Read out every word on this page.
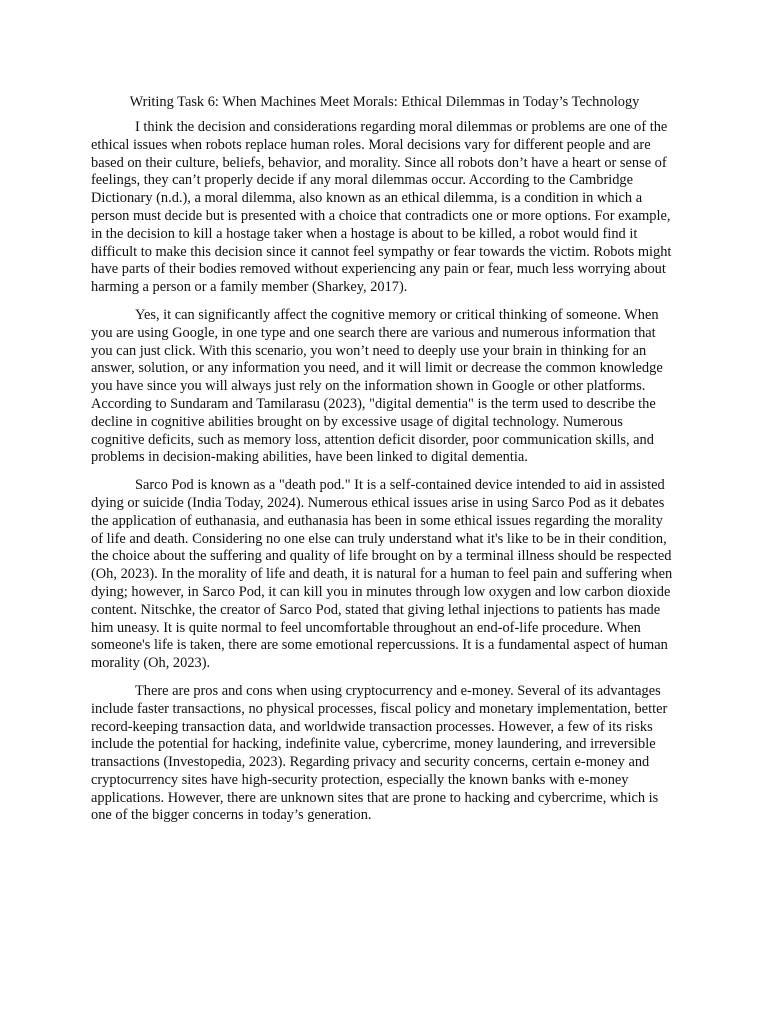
Writing Task 6: When Machines Meet Morals: Ethical Dilemmas in Today’s Technology

I think the decision and considerations regarding moral dilemmas or problems are one of the ethical issues when robots replace human roles. Moral decisions vary for different people and are based on their culture, beliefs, behavior, and morality. Since all robots don’t have a heart or sense of feelings, they can’t properly decide if any moral dilemmas occur. According to the Cambridge Dictionary (n.d.), a moral dilemma, also known as an ethical dilemma, is a condition in which a person must decide but is presented with a choice that contradicts one or more options. For example, in the decision to kill a hostage taker when a hostage is about to be killed, a robot would find it difficult to make this decision since it cannot feel sympathy or fear towards the victim. Robots might have parts of their bodies removed without experiencing any pain or fear, much less worrying about harming a person or a family member (Sharkey, 2017).

Yes, it can significantly affect the cognitive memory or critical thinking of someone. When you are using Google, in one type and one search there are various and numerous information that you can just click. With this scenario, you won’t need to deeply use your brain in thinking for an answer, solution, or any information you need, and it will limit or decrease the common knowledge you have since you will always just rely on the information shown in Google or other platforms. According to Sundaram and Tamilarasu (2023), "digital dementia" is the term used to describe the decline in cognitive abilities brought on by excessive usage of digital technology. Numerous cognitive deficits, such as memory loss, attention deficit disorder, poor communication skills, and problems in decision-making abilities, have been linked to digital dementia.

Sarco Pod is known as a "death pod." It is a self-contained device intended to aid in assisted dying or suicide (India Today, 2024). Numerous ethical issues arise in using Sarco Pod as it debates the application of euthanasia, and euthanasia has been in some ethical issues regarding the morality of life and death. Considering no one else can truly understand what it's like to be in their condition, the choice about the suffering and quality of life brought on by a terminal illness should be respected (Oh, 2023). In the morality of life and death, it is natural for a human to feel pain and suffering when dying; however, in Sarco Pod, it can kill you in minutes through low oxygen and low carbon dioxide content. Nitschke, the creator of Sarco Pod, stated that giving lethal injections to patients has made him uneasy. It is quite normal to feel uncomfortable throughout an end-of-life procedure. When someone's life is taken, there are some emotional repercussions. It is a fundamental aspect of human morality (Oh, 2023).

There are pros and cons when using cryptocurrency and e-money. Several of its advantages include faster transactions, no physical processes, fiscal policy and monetary implementation, better record-keeping transaction data, and worldwide transaction processes. However, a few of its risks include the potential for hacking, indefinite value, cybercrime, money laundering, and irreversible transactions (Investopedia, 2023). Regarding privacy and security concerns, certain e-money and cryptocurrency sites have high-security protection, especially the known banks with e-money applications. However, there are unknown sites that are prone to hacking and cybercrime, which is one of the bigger concerns in today’s generation.
